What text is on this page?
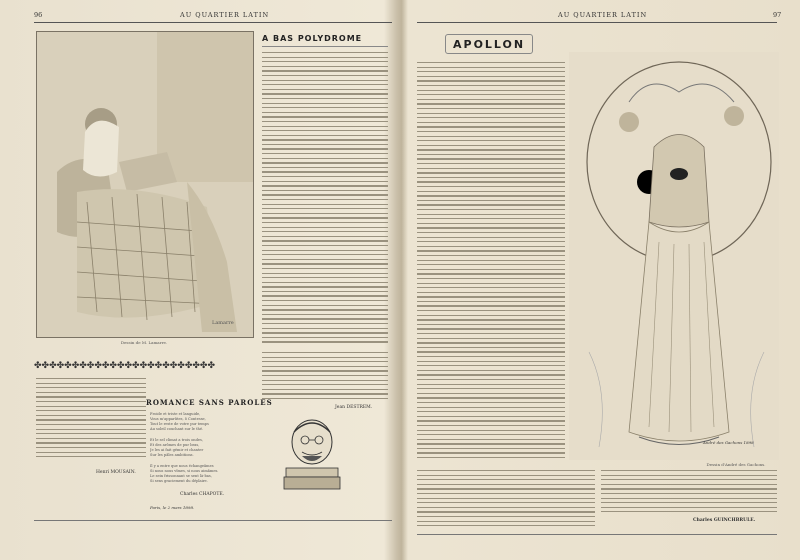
96	AU QUARTIER LATIN
Lamarre
Dessin de M. Lamarre.
A BAS POLYDROME
Jean DESTREM.
✤✤✤✤✤✤✤✤✤✤✤✤✤✤✤✤✤✤✤✤✤✤✤✤
Henri MOUSAIN.
ROMANCE SANS PAROLES
Froide et triste et languide,
Vous m'apparûtes, ô Contesse,
Tout le reste de votre pur temps
Au soleil couchant sur le thé.
Et le sel climat a trois ondes,
Et des arômes de pur bras,
Je les ai fait gémir et chanter
Sur les pâles ambitions.
Il y a entre que nous échangeâmes
Si nous nous vîmes, si nous aimâmes.
Le sein frissonnant se sent là-bas,
Si sens graciement du déplaire.
Charles CHAPOTE.
Paris, le 2 mars 1898.
AU QUARTIER LATIN	97
APOLLON
André des Gachons 1898
Dessin d'André des Gachons.
Charles GUINCHBRULE.
